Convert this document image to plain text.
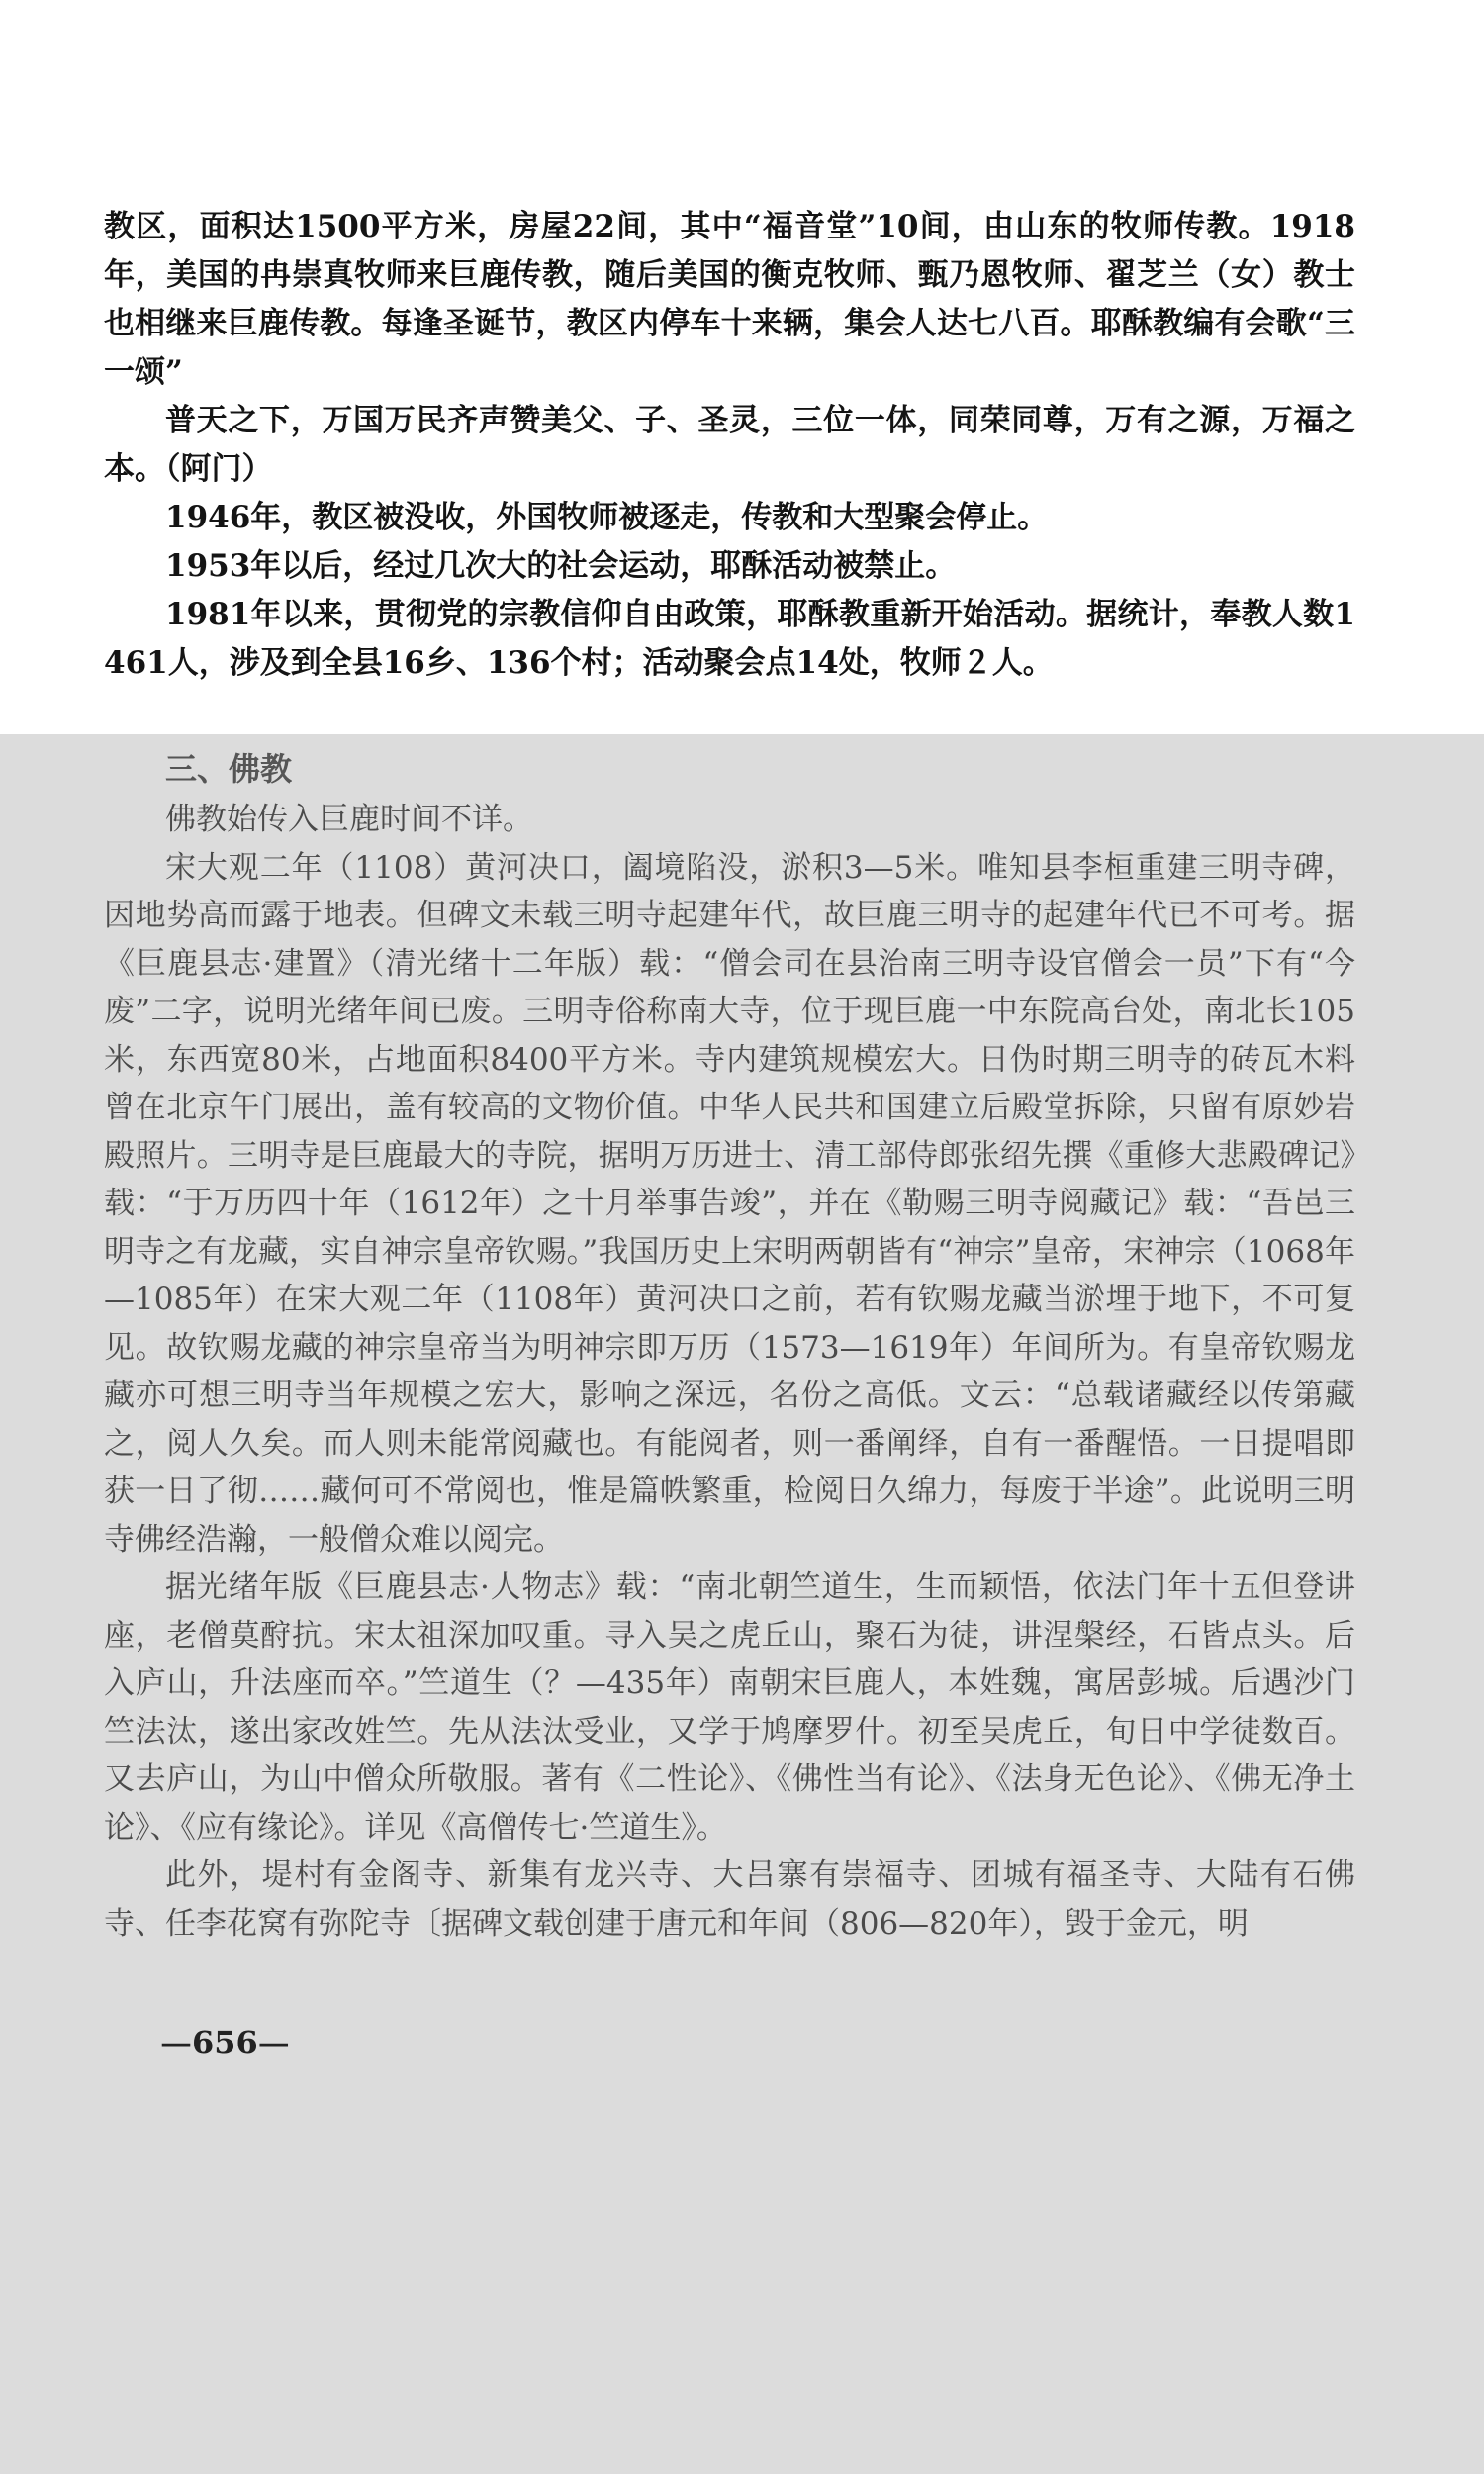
教区，面积达1500平方米，房屋22间，其中“福音堂”10间，由山东的牧师传教。1918年，美国的冉崇真牧师来巨鹿传教，随后美国的衡克牧师、甄乃恩牧师、翟芝兰（女）教士也相继来巨鹿传教。每逢圣诞节，教区内停车十来辆，集会人达七八百。耶酥教编有会歌“三一颂”

普天之下，万国万民齐声赞美父、子、圣灵，三位一体，同荣同尊，万有之源，万福之本。（阿门）

1946年，教区被没收，外国牧师被逐走，传教和大型聚会停止。

1953年以后，经过几次大的社会运动，耶酥活动被禁止。

1981年以来，贯彻党的宗教信仰自由政策，耶酥教重新开始活动。据统计，奉教人数1461人，涉及到全县16乡、136个村；活动聚会点14处，牧师２人。

三、佛教

佛教始传入巨鹿时间不详。

宋大观二年（1108）黄河决口，阖境陷没，淤积3—5米。唯知县李桓重建三明寺碑，因地势高而露于地表。但碑文未载三明寺起建年代，故巨鹿三明寺的起建年代已不可考。据《巨鹿县志·建置》（清光绪十二年版）载：“僧会司在县治南三明寺设官僧会一员”下有“今废”二字，说明光绪年间已废。三明寺俗称南大寺，位于现巨鹿一中东院高台处，南北长105米，东西宽80米，占地面积8400平方米。寺内建筑规模宏大。日伪时期三明寺的砖瓦木料曾在北京午门展出，盖有较高的文物价值。中华人民共和国建立后殿堂拆除，只留有原妙岩殿照片。三明寺是巨鹿最大的寺院，据明万历进士、清工部侍郎张绍先撰《重修大悲殿碑记》载：“于万历四十年（1612年）之十月举事告竣”，并在《勒赐三明寺阅藏记》载：“吾邑三明寺之有龙藏，实自神宗皇帝钦赐。”我国历史上宋明两朝皆有“神宗”皇帝，宋神宗（1068年—1085年）在宋大观二年（1108年）黄河决口之前，若有钦赐龙藏当淤埋于地下，不可复见。故钦赐龙藏的神宗皇帝当为明神宗即万历（1573—1619年）年间所为。有皇帝钦赐龙藏亦可想三明寺当年规模之宏大，影响之深远，名份之高低。文云：“总载诸藏经以传第藏之，阅人久矣。而人则未能常阅藏也。有能阅者，则一番阐绎，自有一番醒悟。一日提唱即获一日了彻……藏何可不常阅也，惟是篇帙繁重，检阅日久绵力，每废于半途”。此说明三明寺佛经浩瀚，一般僧众难以阅完。

据光绪年版《巨鹿县志·人物志》载：“南北朝竺道生，生而颖悟，依法门年十五但登讲座，老僧莫酧抗。宋太祖深加叹重。寻入吴之虎丘山，聚石为徒，讲涅槃经，石皆点头。后入庐山，升法座而卒。”竺道生（？—435年）南朝宋巨鹿人，本姓魏，寓居彭城。后遇沙门竺法汰，遂出家改姓竺。先从法汰受业，又学于鸠摩罗什。初至吴虎丘，旬日中学徒数百。又去庐山，为山中僧众所敬服。著有《二性论》、《佛性当有论》、《法身无色论》、《佛无净土论》、《应有缘论》。详见《高僧传七·竺道生》。

此外，堤村有金阁寺、新集有龙兴寺、大吕寨有崇福寺、团城有福圣寺、大陆有石佛寺、任李花窝有弥陀寺〔据碑文载创建于唐元和年间（806—820年），毁于金元，明

—656—
